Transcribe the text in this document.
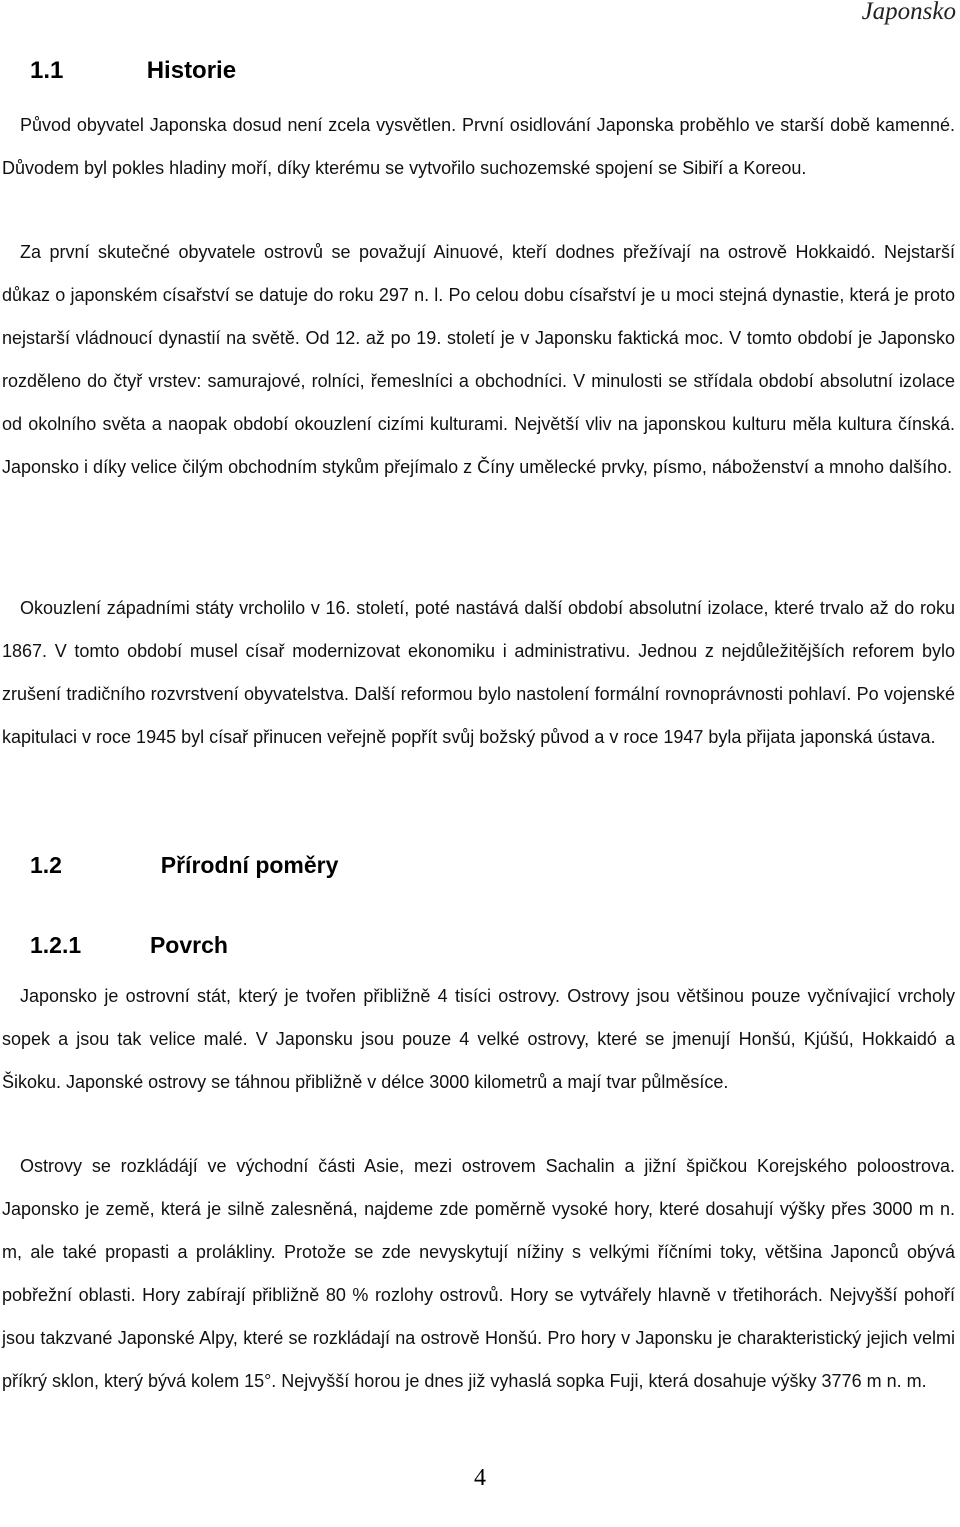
Japonsko
1.1	Historie

Původ obyvatel Japonska dosud není zcela vysvětlen. První osidlování Japonska proběhlo ve starší době kamenné. Důvodem byl pokles hladiny moří, díky kterému se vytvořilo suchozemské spojení se Sibiří a Koreou.

Za první skutečné obyvatele ostrovů se považují Ainuové, kteří dodnes přežívají na ostrově Hokkaidó. Nejstarší důkaz o japonském císařství se datuje do roku 297 n. l. Po celou dobu císařství je u moci stejná dynastie, která je proto nejstarší vládnoucí dynastií na světě. Od 12. až po 19. století je v Japonsku faktická moc. V tomto období je Japonsko rozděleno do čtyř vrstev: samurajové, rolníci, řemeslníci a obchodníci. V minulosti se střídala období absolutní izolace od okolního světa a naopak období okouzlení cizími kulturami. Největší vliv na japonskou kulturu měla kultura čínská. Japonsko i díky velice čilým obchodním stykům přejímalo z Číny umělecké prvky, písmo, náboženství a mnoho dalšího.

Okouzlení západními státy vrcholilo v 16. století, poté nastává další období absolutní izolace, které trvalo až do roku 1867. V tomto období musel císař modernizovat ekonomiku i administrativu. Jednou z nejdůležitějších reforem bylo zrušení tradičního rozvrstvení obyvatelstva. Další reformou bylo nastolení formální rovnoprávnosti pohlaví. Po vojenské kapitulaci v roce 1945 byl císař přinucen veřejně popřít svůj božský původ a v roce 1947 byla přijata japonská ústava.

1.2	Přírodní poměry
1.2.1	Povrch

Japonsko je ostrovní stát, který je tvořen přibližně 4 tisíci ostrovy. Ostrovy jsou většinou pouze vyčnívajicí vrcholy sopek a jsou tak velice malé. V Japonsku jsou pouze 4 velké ostrovy, které se jmenují Honšú, Kjúšú, Hokkaidó a Šikoku. Japonské ostrovy se táhnou přibližně v délce 3000 kilometrů a mají tvar půlměsíce.

Ostrovy se rozkládájí ve východní části Asie, mezi ostrovem Sachalin a jižní špičkou Korejského poloostrova. Japonsko je země, která je silně zalesněná, najdeme zde poměrně vysoké hory, které dosahují výšky přes 3000 m n. m, ale také propasti a prolákliny. Protože se zde nevyskytují nížiny s velkými říčními toky, většina Japonců obývá pobřežní oblasti. Hory zabírají přibližně 80 % rozlohy ostrovů. Hory se vytvářely hlavně v třetihorách. Nejvyšší pohoří jsou takzvané Japonské Alpy, které se rozkládají na ostrově Honšú. Pro hory v Japonsku je charakteristický jejich velmi příkrý sklon, který bývá kolem 15°. Nejvyšší horou je dnes již vyhaslá sopka Fuji, která dosahuje výšky 3776 m n. m.

4
